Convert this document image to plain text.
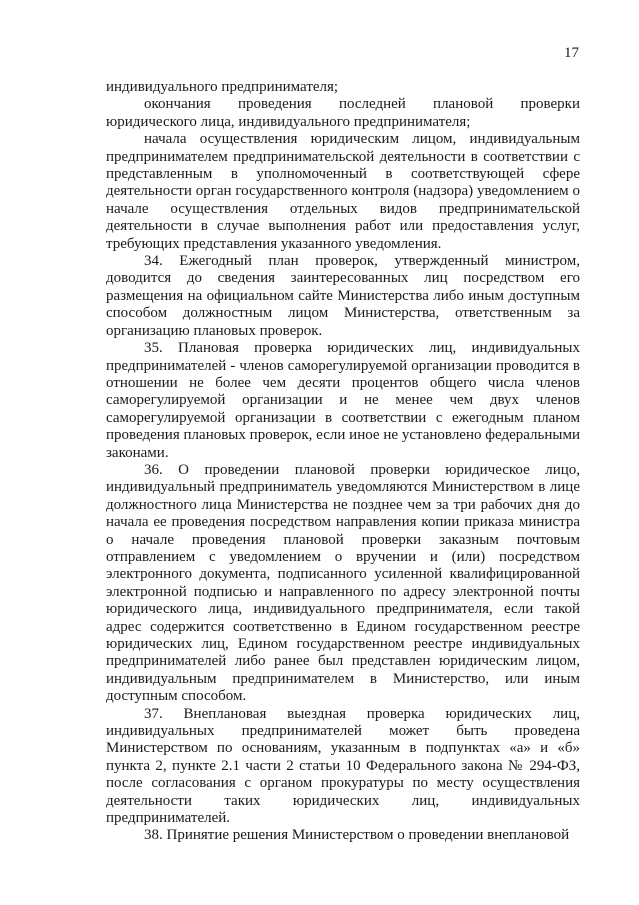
17

индивидуального предпринимателя;

окончания проведения последней плановой проверки юридического лица, индивидуального предпринимателя;

начала осуществления юридическим лицом, индивидуальным предпринимателем предпринимательской деятельности в соответствии с представленным в уполномоченный в соответствующей сфере деятельности орган государственного контроля (надзора) уведомлением о начале осуществления отдельных видов предпринимательской деятельности в случае выполнения работ или предоставления услуг, требующих представления указанного уведомления.

34. Ежегодный план проверок, утвержденный министром, доводится до сведения заинтересованных лиц посредством его размещения на официальном сайте Министерства либо иным доступным способом должностным лицом Министерства, ответственным за организацию плановых проверок.

35. Плановая проверка юридических лиц, индивидуальных предпринимателей - членов саморегулируемой организации проводится в отношении не более чем десяти процентов общего числа членов саморегулируемой организации и не менее чем двух членов саморегулируемой организации в соответствии с ежегодным планом проведения плановых проверок, если иное не установлено федеральными законами.

36. О проведении плановой проверки юридическое лицо, индивидуальный предприниматель уведомляются Министерством в лице должностного лица Министерства не позднее чем за три рабочих дня до начала ее проведения посредством направления копии приказа министра о начале проведения плановой проверки заказным почтовым отправлением с уведомлением о вручении и (или) посредством электронного документа, подписанного усиленной квалифицированной электронной подписью и направленного по адресу электронной почты юридического лица, индивидуального предпринимателя, если такой адрес содержится соответственно в Едином государственном реестре юридических лиц, Едином государственном реестре индивидуальных предпринимателей либо ранее был представлен юридическим лицом, индивидуальным предпринимателем в Министерство, или иным доступным способом.

37. Внеплановая выездная проверка юридических лиц, индивидуальных предпринимателей может быть проведена Министерством по основаниям, указанным в подпунктах «а» и «б» пункта 2, пункте 2.1 части 2 статьи 10 Федерального закона № 294-ФЗ, после согласования с органом прокуратуры по месту осуществления деятельности таких юридических лиц, индивидуальных предпринимателей.

38. Принятие решения Министерством о проведении внеплановой
